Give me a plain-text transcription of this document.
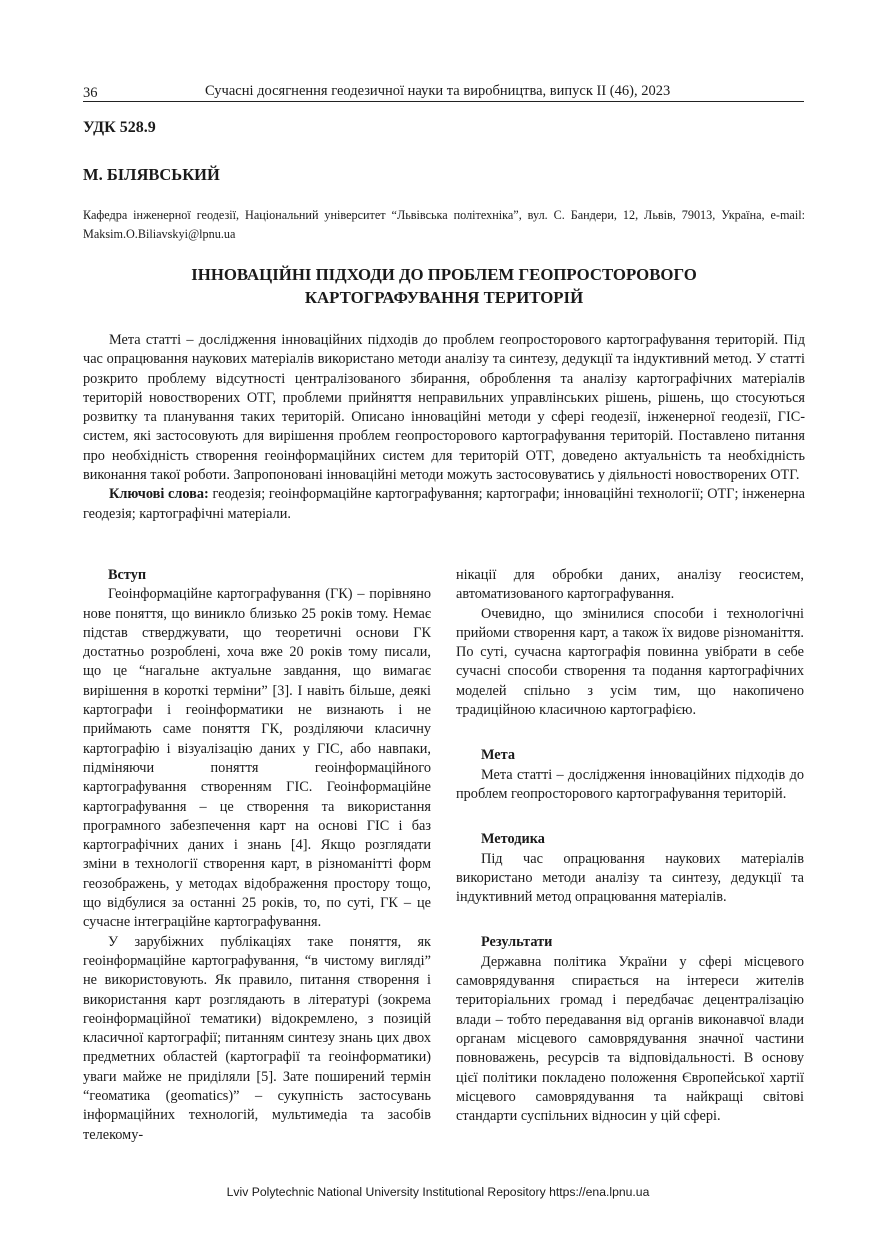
36	Сучасні досягнення геодезичної науки та виробництва, випуск II (46), 2023
УДК 528.9
М. БІЛЯВСЬКИЙ
Кафедра інженерної геодезії, Національний університет “Львівська політехніка”, вул. С. Бандери, 12, Львів, 79013, Україна, e-mail: Maksim.O.Biliavskyi@lpnu.ua
ІННОВАЦІЙНІ ПІДХОДИ ДО ПРОБЛЕМ ГЕОПРОСТОРОВОГО
КАРТОГРАФУВАННЯ ТЕРИТОРІЙ

Мета статті – дослідження інноваційних підходів до проблем геопросторового картографування територій. Під час опрацювання наукових матеріалів використано методи аналізу та синтезу, дедукції та індуктивний метод. У статті розкрито проблему відсутності централізованого збирання, оброблення та аналізу картографічних матеріалів територій новостворених ОТГ, проблеми прийняття неправильних управлінських рішень, рішень, що стосуються розвитку та планування таких територій. Описано інноваційні методи у сфері геодезії, інженерної геодезії, ГІС-систем, які застосовують для вирішення проблем геопросторового картографування територій. Поставлено питання про необхідність створення геоінформаційних систем для територій ОТГ, доведено актуальність та необхідність виконання такої роботи. Запропоновані інноваційні методи можуть застосовуватись у діяльності новостворених ОТГ.

Ключові слова: геодезія; геоінформаційне картографування; картографи; інноваційні технології; ОТГ; інженерна геодезія; картографічні матеріали.

Вступ

Геоінформаційне картографування (ГК) – порівняно нове поняття, що виникло близько 25 років тому. Немає підстав стверджувати, що теоретичні основи ГК достатньо розроблені, хоча вже 20 років тому писали, що це “нагальне актуальне завдання, що вимагає вирішення в короткі терміни” [3]. І навіть більше, деякі картографи і геоінформатики не визнають і не приймають саме поняття ГК, розділяючи класичну картографію і візуалізацію даних у ГІС, або навпаки, підміняючи поняття геоінформаційного картографування створенням ГІС. Геоінформаційне картографування – це створення та використання програмного забезпечення карт на основі ГІС і баз картографічних даних і знань [4]. Якщо розглядати зміни в технології створення карт, в різноманітті форм геозображень, у методах відображення простору тощо, що відбулися за останні 25 років, то, по суті, ГК – це сучасне інтеграційне картографування.

У зарубіжних публікаціях таке поняття, як геоінформаційне картографування, “в чистому вигляді” не використовують. Як правило, питання створення і використання карт розглядають в літературі (зокрема геоінформаційної тематики) відокремлено, з позицій класичної картографії; питанням синтезу знань цих двох предметних областей (картографії та геоінформатики) уваги майже не приділяли [5]. Зате поширений термін “геоматика (geomatics)” – сукупність застосувань інформаційних технологій, мультимедіа та засобів телекому-

нікації для обробки даних, аналізу геосистем, автоматизованого картографування.

Очевидно, що змінилися способи і технологічні прийоми створення карт, а також їх видове різноманіття. По суті, сучасна картографія повинна увібрати в себе сучасні способи створення та подання картографічних моделей спільно з усім тим, що накопичено традиційною класичною картографією.

Мета

Мета статті – дослідження інноваційних підходів до проблем геопросторового картографування територій.

Методика

Під час опрацювання наукових матеріалів використано методи аналізу та синтезу, дедукції та індуктивний метод опрацювання матеріалів.

Результати

Державна політика України у сфері місцевого самоврядування спирається на інтереси жителів територіальних громад і передбачає децентралізацію влади – тобто передавання від органів виконавчої влади органам місцевого самоврядування значної частини повноважень, ресурсів та відповідальності. В основу цієї політики покладено положення Європейської хартії місцевого самоврядування та найкращі світові стандарти суспільних відносин у цій сфері.

Lviv Polytechnic National University Institutional Repository https://ena.lpnu.ua
